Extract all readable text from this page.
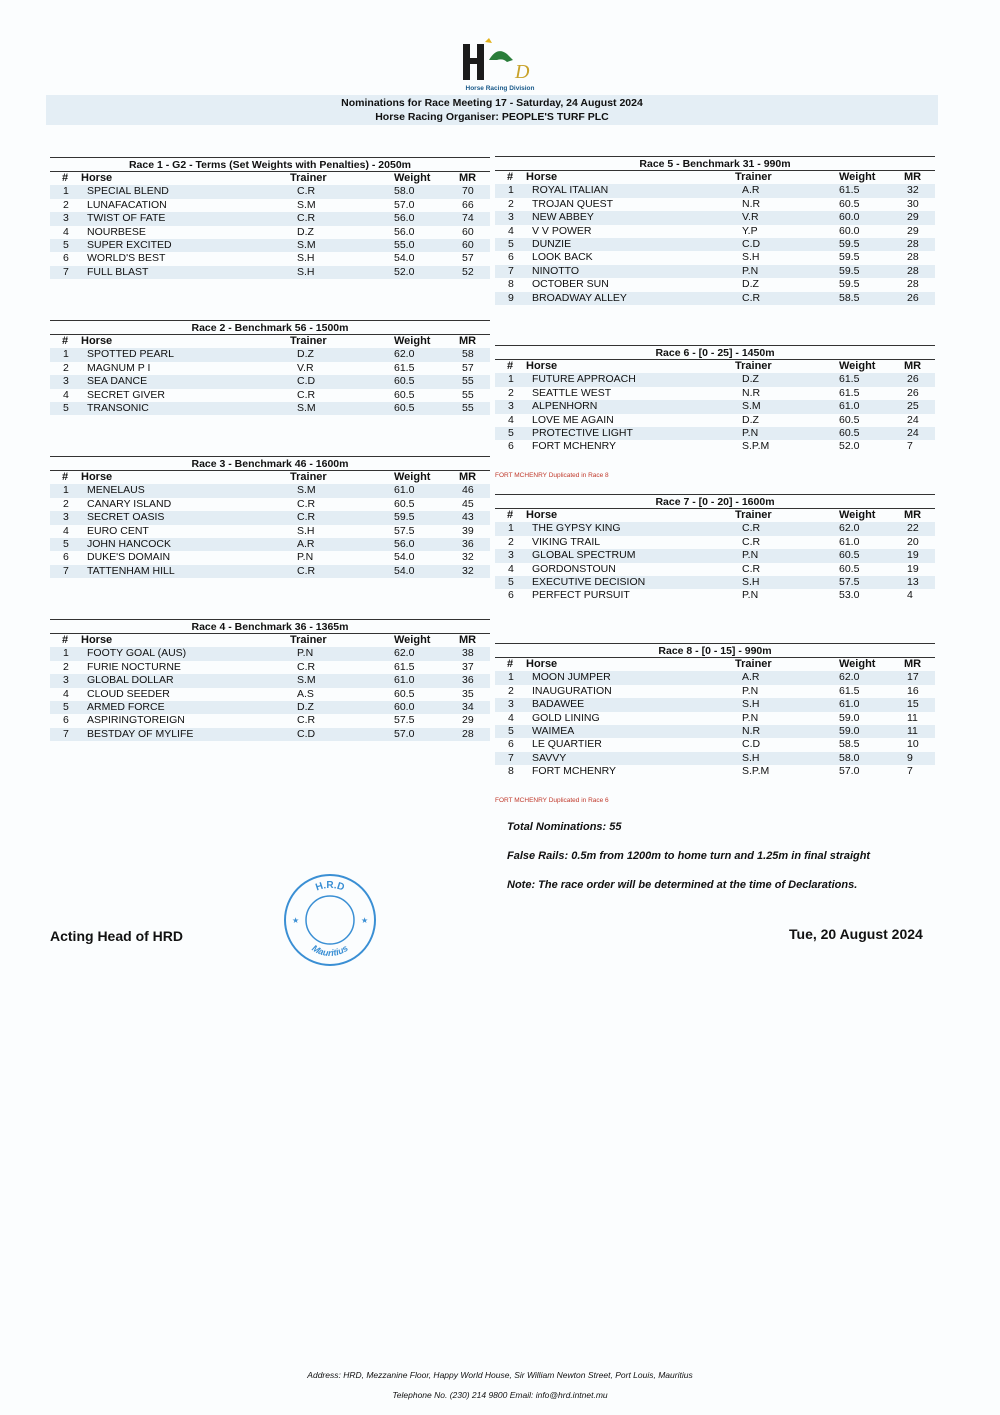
D
Horse Racing Division
Nominations for Race Meeting 17 - Saturday, 24 August 2024
Horse Racing Organiser: PEOPLE'S TURF PLC
Race 1 - G2 - Terms (Set Weights with Penalties) - 2050m
# Horse	Trainer	Weight	MR
1 SPECIAL BLEND	C.R	58.0	70
2 LUNAFACATION	S.M	57.0	66
3 TWIST OF FATE	C.R	56.0	74
4 NOURBESE	D.Z	56.0	60
5 SUPER EXCITED	S.M	55.0	60
6 WORLD'S BEST	S.H	54.0	57
7 FULL BLAST	S.H	52.0	52
Race 2 - Benchmark 56 - 1500m
# Horse	Trainer	Weight	MR
1 SPOTTED PEARL	D.Z	62.0	58
2 MAGNUM P I	V.R	61.5	57
3 SEA DANCE	C.D	60.5	55
4 SECRET GIVER	C.R	60.5	55
5 TRANSONIC	S.M	60.5	55
Race 3 - Benchmark 46 - 1600m
# Horse	Trainer	Weight	MR
1 MENELAUS	S.M	61.0	46
2 CANARY ISLAND	C.R	60.5	45
3 SECRET OASIS	C.R	59.5	43
4 EURO CENT	S.H	57.5	39
5 JOHN HANCOCK	A.R	56.0	36
6 DUKE'S DOMAIN	P.N	54.0	32
7 TATTENHAM HILL	C.R	54.0	32
Race 4 - Benchmark 36 - 1365m
# Horse	Trainer	Weight	MR
1 FOOTY GOAL (AUS)	P.N	62.0	38
2 FURIE NOCTURNE	C.R	61.5	37
3 GLOBAL DOLLAR	S.M	61.0	36
4 CLOUD SEEDER	A.S	60.5	35
5 ARMED FORCE	D.Z	60.0	34
6 ASPIRINGTOREIGN	C.R	57.5	29
7 BESTDAY OF MYLIFE	C.D	57.0	28
Race 5 - Benchmark 31 - 990m
# Horse	Trainer	Weight	MR
1 ROYAL ITALIAN	A.R	61.5	32
2 TROJAN QUEST	N.R	60.5	30
3 NEW ABBEY	V.R	60.0	29
4 V V POWER	Y.P	60.0	29
5 DUNZIE	C.D	59.5	28
6 LOOK BACK	S.H	59.5	28
7 NINOTTO	P.N	59.5	28
8 OCTOBER SUN	D.Z	59.5	28
9 BROADWAY ALLEY	C.R	58.5	26
Race 6 - [0 - 25] - 1450m
# Horse	Trainer	Weight	MR
1 FUTURE APPROACH	D.Z	61.5	26
2 SEATTLE WEST	N.R	61.5	26
3 ALPENHORN	S.M	61.0	25
4 LOVE ME AGAIN	D.Z	60.5	24
5 PROTECTIVE LIGHT	P.N	60.5	24
6 FORT MCHENRY	S.P.M	52.0	7
Race 7 - [0 - 20] - 1600m
# Horse	Trainer	Weight	MR
1 THE GYPSY KING	C.R	62.0	22
2 VIKING TRAIL	C.R	61.0	20
3 GLOBAL SPECTRUM	P.N	60.5	19
4 GORDONSTOUN	C.R	60.5	19
5 EXECUTIVE DECISION	S.H	57.5	13
6 PERFECT PURSUIT	P.N	53.0	4
Race 8 - [0 - 15] - 990m
# Horse	Trainer	Weight	MR
1 MOON JUMPER	A.R	62.0	17
2 INAUGURATION	P.N	61.5	16
3 BADAWEE	S.H	61.0	15
4 GOLD LINING	P.N	59.0	11
5 WAIMEA	N.R	59.0	11
6 LE QUARTIER	C.D	58.5	10
7 SAVVY	S.H	58.0	9
8 FORT MCHENRY	S.P.M	57.0	7
FORT MCHENRY Duplicated in Race 8
FORT MCHENRY Duplicated in Race 6
Total Nominations: 55
False Rails: 0.5m from 1200m to home turn and 1.25m in final straight
Note: The race order will be determined at the time of Declarations.
Acting Head of HRD	Tue, 20 August 2024
H.R.D
Mauritius
★	★
Address: HRD, Mezzanine Floor, Happy World House, Sir William Newton Street, Port Louis, Mauritius
Telephone No. (230) 214 9800 Email: info@hrd.intnet.mu
